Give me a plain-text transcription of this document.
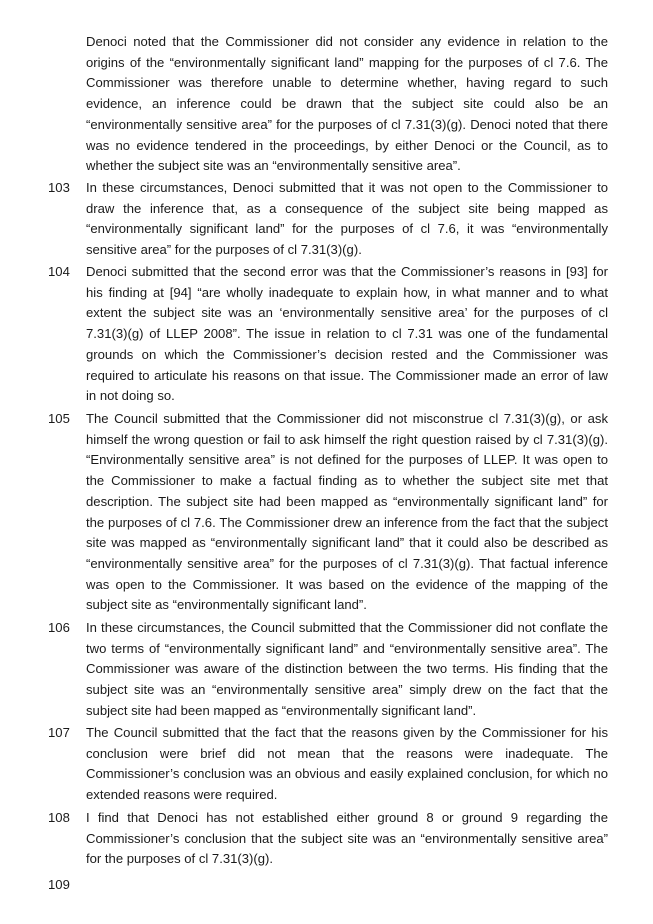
Denoci noted that the Commissioner did not consider any evidence in relation to the origins of the “environmentally significant land” mapping for the purposes of cl 7.6. The Commissioner was therefore unable to determine whether, having regard to such evidence, an inference could be drawn that the subject site could also be an “environmentally sensitive area” for the purposes of cl 7.31(3)(g). Denoci noted that there was no evidence tendered in the proceedings, by either Denoci or the Council, as to whether the subject site was an “environmentally sensitive area”.

103	In these circumstances, Denoci submitted that it was not open to the Commissioner to draw the inference that, as a consequence of the subject site being mapped as “environmentally significant land” for the purposes of cl 7.6, it was “environmentally sensitive area” for the purposes of cl 7.31(3)(g).

104	Denoci submitted that the second error was that the Commissioner’s reasons in [93] for his finding at [94] “are wholly inadequate to explain how, in what manner and to what extent the subject site was an ‘environmentally sensitive area’ for the purposes of cl 7.31(3)(g) of LLEP 2008”. The issue in relation to cl 7.31 was one of the fundamental grounds on which the Commissioner’s decision rested and the Commissioner was required to articulate his reasons on that issue. The Commissioner made an error of law in not doing so.

105	The Council submitted that the Commissioner did not misconstrue cl 7.31(3)(g), or ask himself the wrong question or fail to ask himself the right question raised by cl 7.31(3)(g). “Environmentally sensitive area” is not defined for the purposes of LLEP. It was open to the Commissioner to make a factual finding as to whether the subject site met that description. The subject site had been mapped as “environmentally significant land” for the purposes of cl 7.6. The Commissioner drew an inference from the fact that the subject site was mapped as “environmentally significant land” that it could also be described as “environmentally sensitive area” for the purposes of cl 7.31(3)(g). That factual inference was open to the Commissioner. It was based on the evidence of the mapping of the subject site as “environmentally significant land”.

106	In these circumstances, the Council submitted that the Commissioner did not conflate the two terms of “environmentally significant land” and “environmentally sensitive area”. The Commissioner was aware of the distinction between the two terms. His finding that the subject site was an “environmentally sensitive area” simply drew on the fact that the subject site had been mapped as “environmentally significant land”.

107	The Council submitted that the fact that the reasons given by the Commissioner for his conclusion were brief did not mean that the reasons were inadequate. The Commissioner’s conclusion was an obvious and easily explained conclusion, for which no extended reasons were required.

108	I find that Denoci has not established either ground 8 or ground 9 regarding the Commissioner’s conclusion that the subject site was an “environmentally sensitive area” for the purposes of cl 7.31(3)(g).

109
